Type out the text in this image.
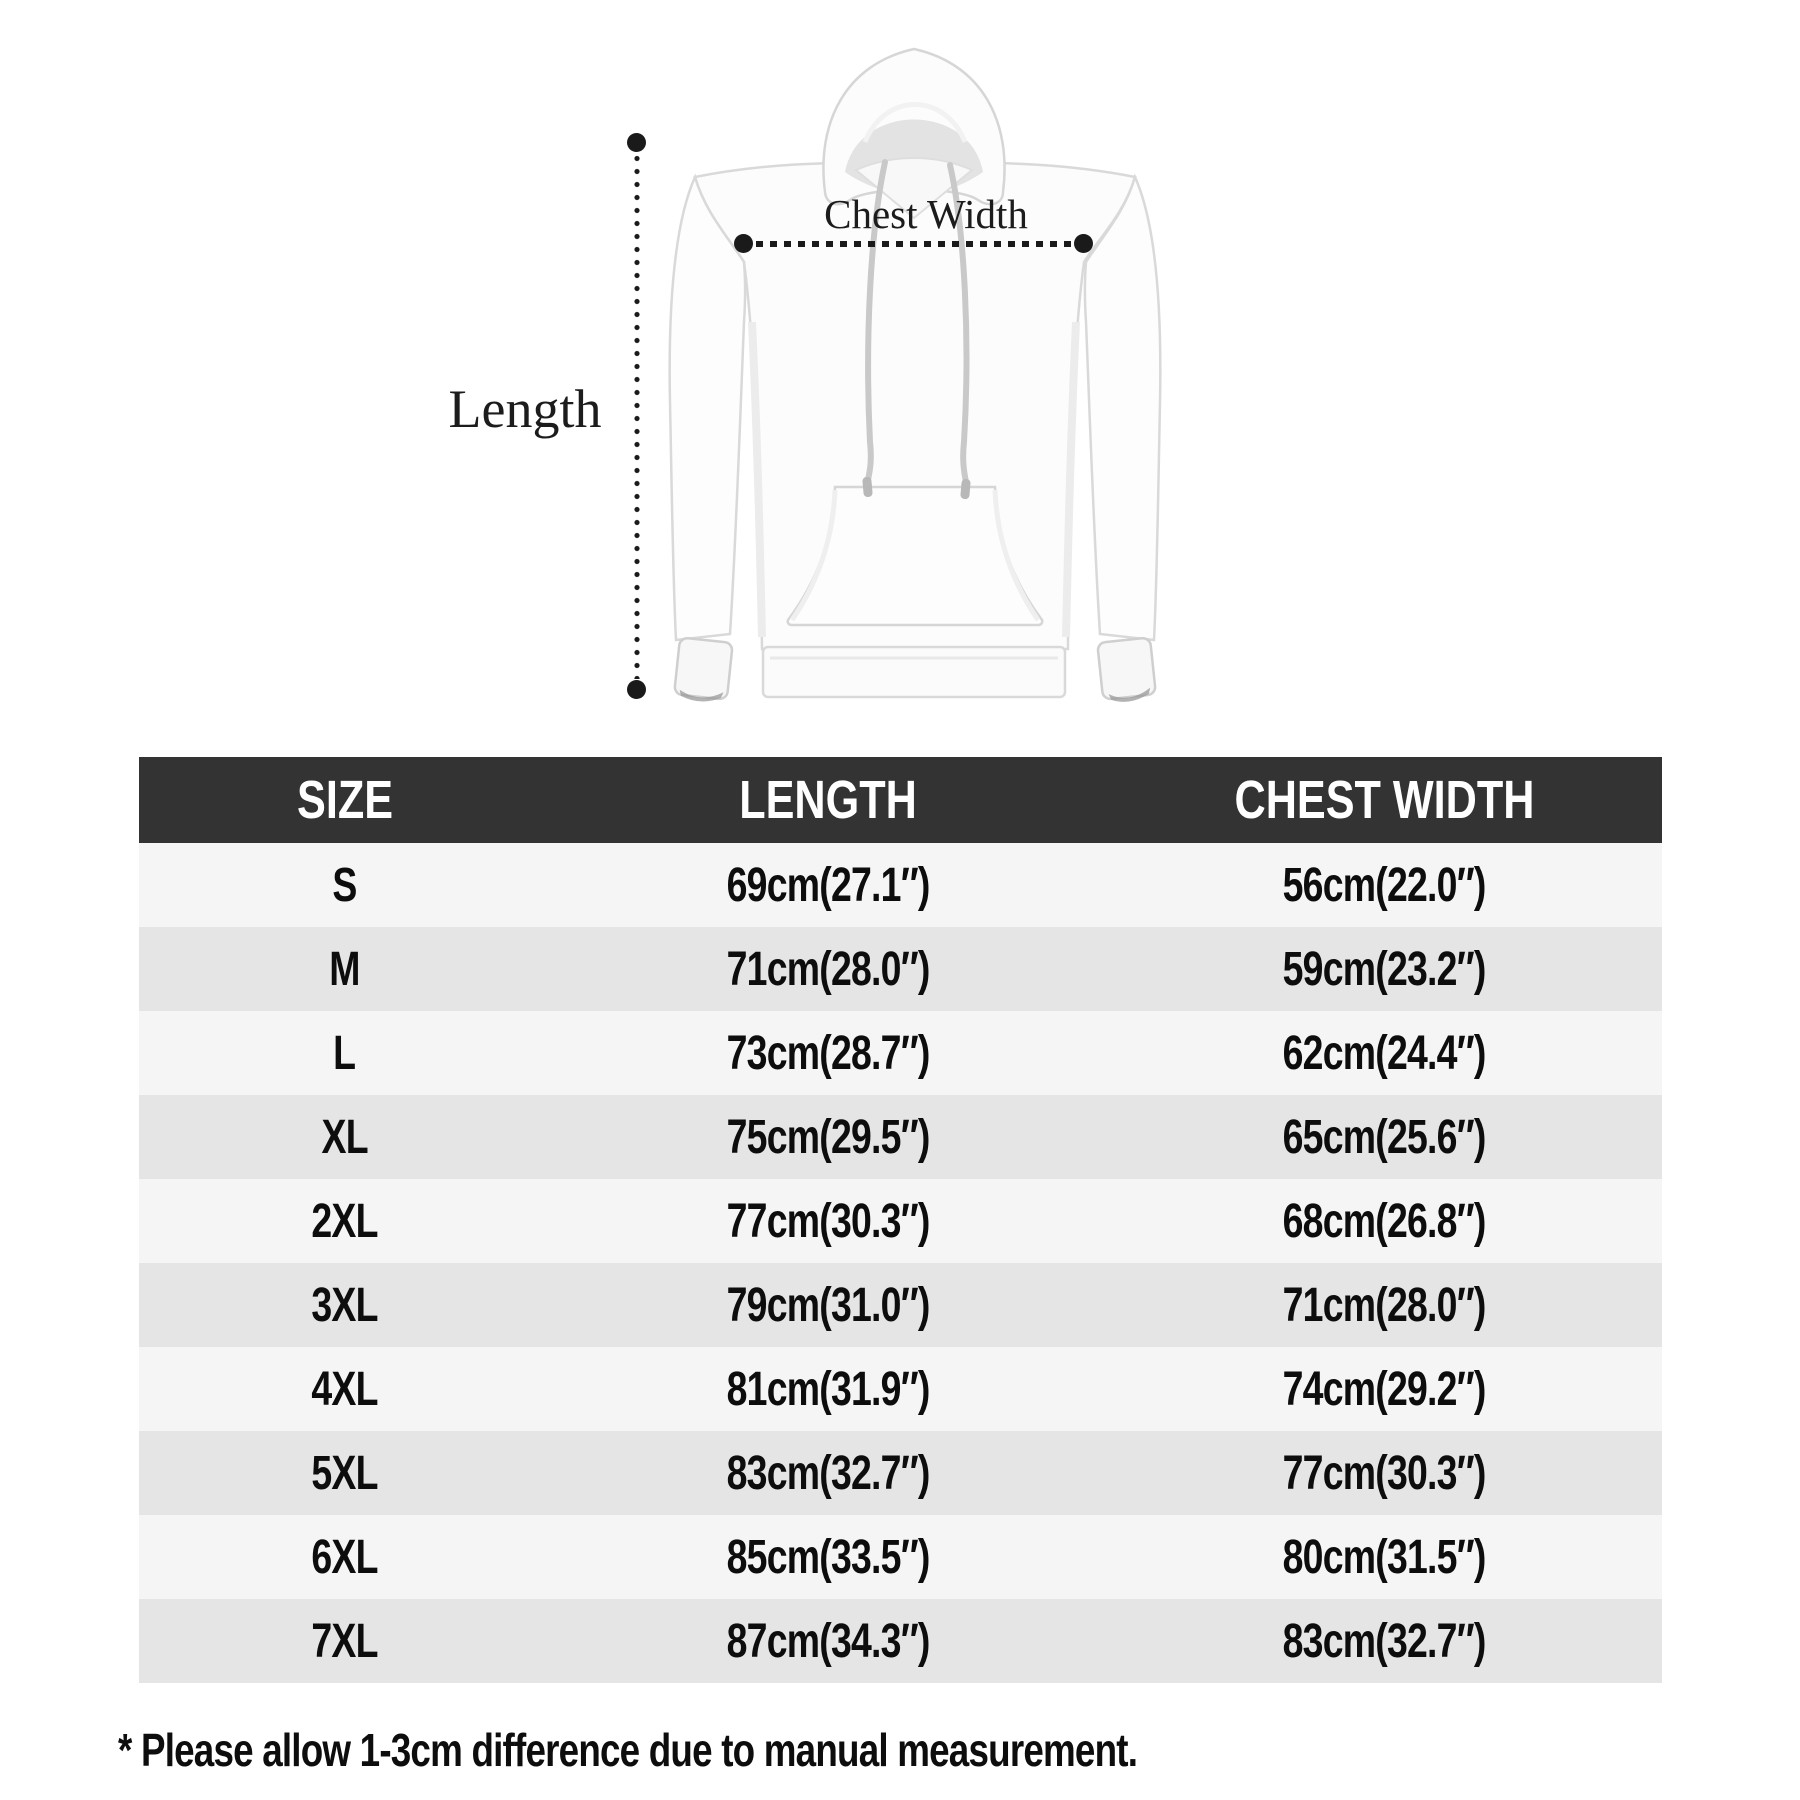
Length
Chest Width
SIZE	LENGTH	CHEST WIDTH
S	69cm(27.1″)	56cm(22.0″)
M	71cm(28.0″)	59cm(23.2″)
L	73cm(28.7″)	62cm(24.4″)
XL	75cm(29.5″)	65cm(25.6″)
2XL	77cm(30.3″)	68cm(26.8″)
3XL	79cm(31.0″)	71cm(28.0″)
4XL	81cm(31.9″)	74cm(29.2″)
5XL	83cm(32.7″)	77cm(30.3″)
6XL	85cm(33.5″)	80cm(31.5″)
7XL	87cm(34.3″)	83cm(32.7″)
* Please allow 1-3cm difference due to manual measurement.
